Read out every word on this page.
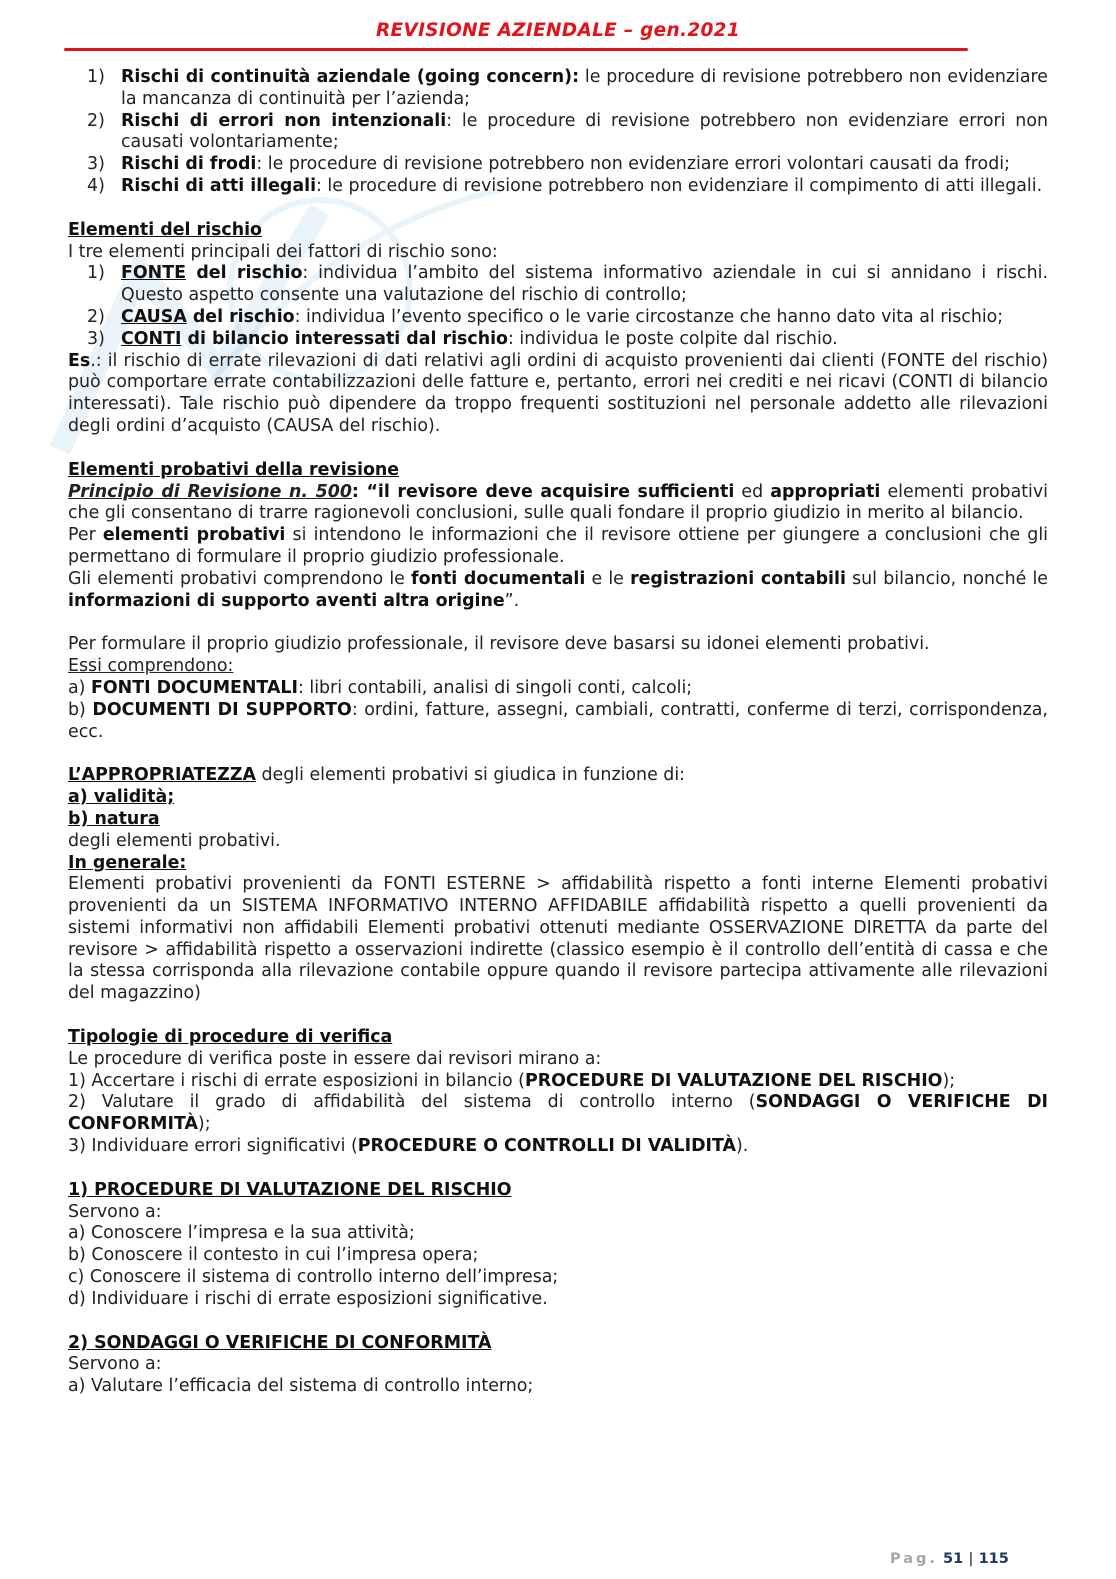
REVISIONE AZIENDALE – gen.2021
1) Rischi di continuità aziendale (going concern): le procedure di revisione potrebbero non evidenziare la mancanza di continuità per l’azienda;
2) Rischi di errori non intenzionali: le procedure di revisione potrebbero non evidenziare errori non causati volontariamente;
3) Rischi di frodi: le procedure di revisione potrebbero non evidenziare errori volontari causati da frodi;
4) Rischi di atti illegali: le procedure di revisione potrebbero non evidenziare il compimento di atti illegali.

Elementi del rischio

I tre elementi principali dei fattori di rischio sono:

1) FONTE del rischio: individua l’ambito del sistema informativo aziendale in cui si annidano i rischi. Questo aspetto consente una valutazione del rischio di controllo;
2) CAUSA del rischio: individua l’evento specifico o le varie circostanze che hanno dato vita al rischio;
3) CONTI di bilancio interessati dal rischio: individua le poste colpite dal rischio.

Es.: il rischio di errate rilevazioni di dati relativi agli ordini di acquisto provenienti dai clienti (FONTE del rischio) può comportare errate contabilizzazioni delle fatture e, pertanto, errori nei crediti e nei ricavi (CONTI di bilancio interessati). Tale rischio può dipendere da troppo frequenti sostituzioni nel personale addetto alle rilevazioni degli ordini d’acquisto (CAUSA del rischio).

Elementi probativi della revisione

Principio di Revisione n. 500: “il revisore deve acquisire sufficienti ed appropriati elementi probativi che gli consentano di trarre ragionevoli conclusioni, sulle quali fondare il proprio giudizio in merito al bilancio.

Per elementi probativi si intendono le informazioni che il revisore ottiene per giungere a conclusioni che gli permettano di formulare il proprio giudizio professionale.

Gli elementi probativi comprendono le fonti documentali e le registrazioni contabili sul bilancio, nonché le informazioni di supporto aventi altra origine”.

Per formulare il proprio giudizio professionale, il revisore deve basarsi su idonei elementi probativi.

Essi comprendono:

a) FONTI DOCUMENTALI: libri contabili, analisi di singoli conti, calcoli;

b) DOCUMENTI DI SUPPORTO: ordini, fatture, assegni, cambiali, contratti, conferme di terzi, corrispondenza, ecc.

L’APPROPRIATEZZA degli elementi probativi si giudica in funzione di:

a) validità;

b) natura

degli elementi probativi.

In generale:

Elementi probativi provenienti da FONTI ESTERNE > affidabilità rispetto a fonti interne Elementi probativi provenienti da un SISTEMA INFORMATIVO INTERNO AFFIDABILE affidabilità rispetto a quelli provenienti da sistemi informativi non affidabili Elementi probativi ottenuti mediante OSSERVAZIONE DIRETTA da parte del revisore > affidabilità rispetto a osservazioni indirette (classico esempio è il controllo dell’entità di cassa e che la stessa corrisponda alla rilevazione contabile oppure quando il revisore partecipa attivamente alle rilevazioni del magazzino)

Tipologie di procedure di verifica

Le procedure di verifica poste in essere dai revisori mirano a:

1) Accertare i rischi di errate esposizioni in bilancio (PROCEDURE DI VALUTAZIONE DEL RISCHIO);

2) Valutare il grado di affidabilità del sistema di controllo interno (SONDAGGI O VERIFICHE DI CONFORMITÀ);

3) Individuare errori significativi (PROCEDURE O CONTROLLI DI VALIDITÀ).

1) PROCEDURE DI VALUTAZIONE DEL RISCHIO

Servono a:

a) Conoscere l’impresa e la sua attività;

b) Conoscere il contesto in cui l’impresa opera;

c) Conoscere il sistema di controllo interno dell’impresa;

d) Individuare i rischi di errate esposizioni significative.

2) SONDAGGI O VERIFICHE DI CONFORMITÀ

Servono a:

a) Valutare l’efficacia del sistema di controllo interno;

Pag. 51 | 115
